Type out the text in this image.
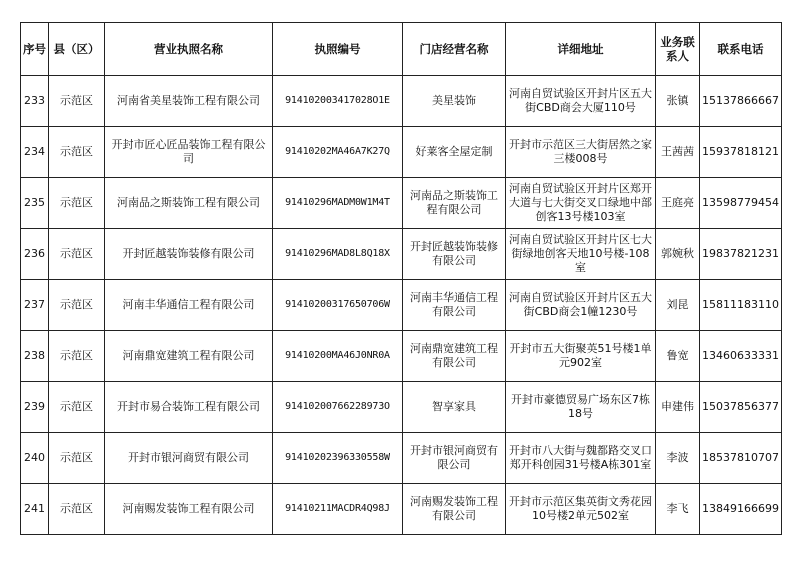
序号	县（区）	营业执照名称	执照编号	门店经营名称	详细地址	业务联系人	联系电话
233	示范区	河南省美星装饰工程有限公司	914102003417028O1E	美星装饰	河南自贸试验区开封片区五大街CBD商会大厦110号	张镇	15137866667
234	示范区	开封市匠心匠品装饰工程有限公司	91410202MA46A7K27Q	好莱客全屋定制	开封市示范区三大街居然之家三楼008号	王茜茜	15937818121
235	示范区	河南品之斯装饰工程有限公司	91410296MADM0W1M4T	河南品之斯装饰工程有限公司	河南自贸试验区开封片区郑开大道与七大街交叉口绿地中部创客13号楼103室	王庭亮	13598779454
236	示范区	开封匠越装饰装修有限公司	91410296MAD8L8Q18X	开封匠越装饰装修有限公司	河南自贸试验区开封片区七大街绿地创客天地10号楼-108室	郭婉秋	19837821231
237	示范区	河南丰华通信工程有限公司	91410200317650706W	河南丰华通信工程有限公司	河南自贸试验区开封片区五大街CBD商会1幢1230号	刘昆	15811183110
238	示范区	河南鼎宽建筑工程有限公司	91410200MA46J0NR0A	河南鼎宽建筑工程有限公司	开封市五大街聚英51号楼1单元902室	鲁宽	13460633331
239	示范区	开封市易合装饰工程有限公司	91410200766228973O	智享家具	开封市豪德贸易广场东区7栋18号	申建伟	15037856377
240	示范区	开封市银河商贸有限公司	91410202396330558W	开封市银河商贸有限公司	开封市八大街与魏都路交叉口郑开科创园31号楼A栋301室	李波	18537810707
241	示范区	河南赐发装饰工程有限公司	91410211MACDR4Q98J	河南赐发装饰工程有限公司	开封市示范区集英街文秀花园10号楼2单元502室	李飞	13849166699
